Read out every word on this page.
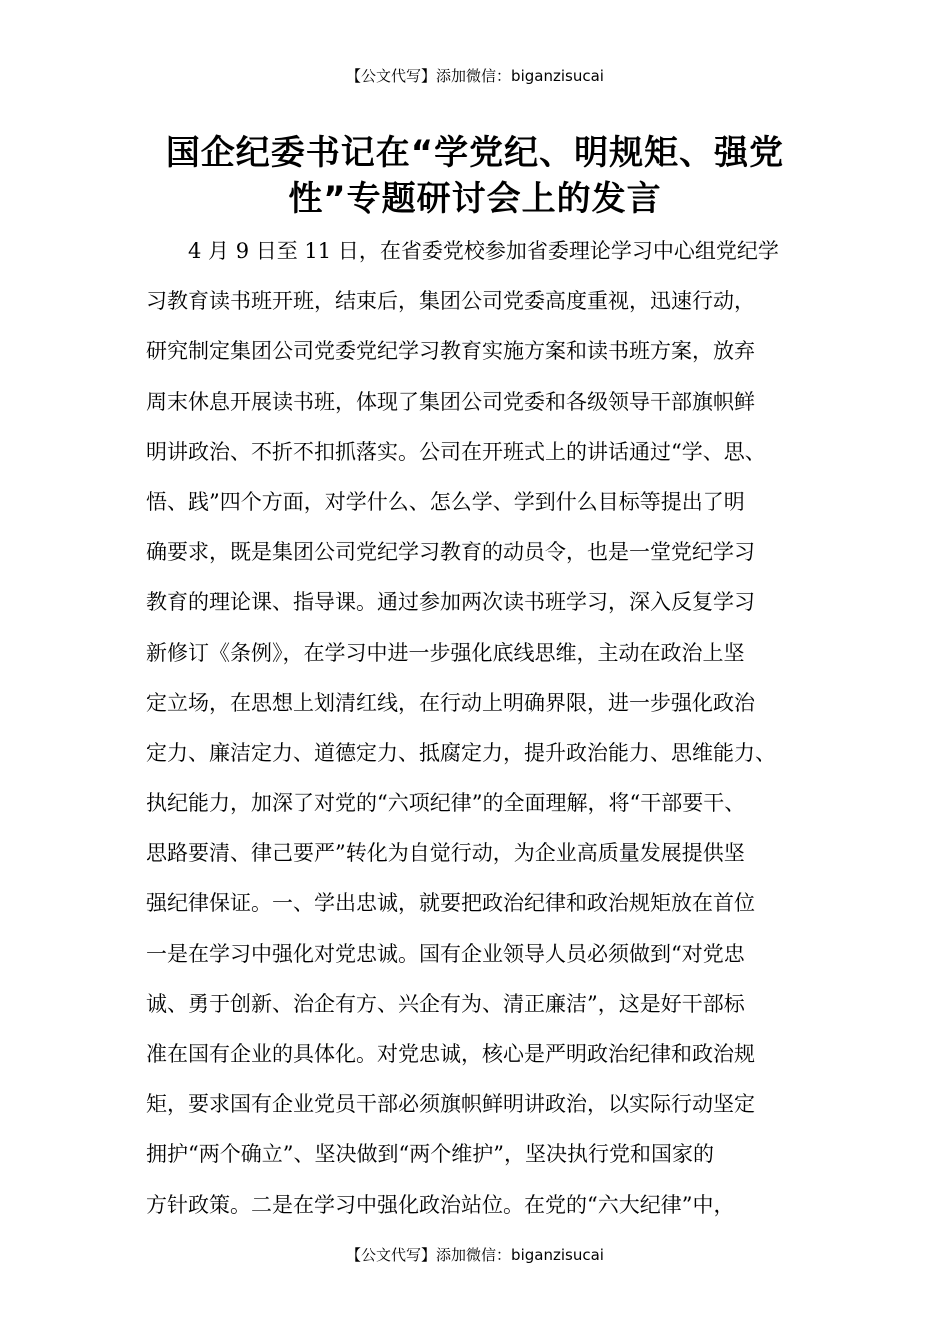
【公文代写】添加微信：biganzisucai
国企纪委书记在“学党纪、明规矩、强党
性”专题研讨会上的发言
　　4 月 9 日至 11 日，在省委党校参加省委理论学习中心组党纪学
习教育读书班开班，结束后，集团公司党委高度重视，迅速行动，
研究制定集团公司党委党纪学习教育实施方案和读书班方案，放弃
周末休息开展读书班，体现了集团公司党委和各级领导干部旗帜鲜
明讲政治、不折不扣抓落实。公司在开班式上的讲话通过“学、思、
悟、践”四个方面，对学什么、怎么学、学到什么目标等提出了明
确要求，既是集团公司党纪学习教育的动员令，也是一堂党纪学习
教育的理论课、指导课。通过参加两次读书班学习，深入反复学习
新修订《条例》，在学习中进一步强化底线思维，主动在政治上坚
定立场，在思想上划清红线，在行动上明确界限，进一步强化政治
定力、廉洁定力、道德定力、抵腐定力，提升政治能力、思维能力、
执纪能力，加深了对党的“六项纪律”的全面理解，将“干部要干、
思路要清、律己要严”转化为自觉行动，为企业高质量发展提供坚
强纪律保证。一、学出忠诚，就要把政治纪律和政治规矩放在首位
一是在学习中强化对党忠诚。国有企业领导人员必须做到“对党忠
诚、勇于创新、治企有方、兴企有为、清正廉洁”，这是好干部标
准在国有企业的具体化。对党忠诚，核心是严明政治纪律和政治规
矩，要求国有企业党员干部必须旗帜鲜明讲政治，以实际行动坚定
拥护“两个确立”、坚决做到“两个维护”，坚决执行党和国家的
方针政策。二是在学习中强化政治站位。在党的“六大纪律”中，
【公文代写】添加微信：biganzisucai
